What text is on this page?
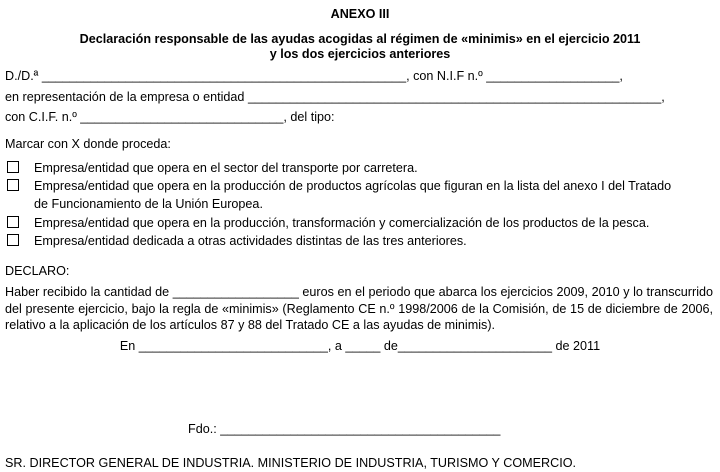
ANEXO III
Declaración responsable de las ayudas acogidas al régimen de «minimis» en el ejercicio 2011
y los dos ejercicios anteriores
D./D.ª ____________________________________________________, con N.I.F n.º ___________________,
en representación de la empresa o entidad ___________________________________________________________,
con C.I.F. n.º _____________________________, del tipo:
Marcar con X donde proceda:
Empresa/entidad que opera en el sector del transporte por carretera.
Empresa/entidad que opera en la producción de productos agrícolas que figuran en la lista del anexo I del Tratado
de Funcionamiento de la Unión Europea.
Empresa/entidad que opera en la producción, transformación y comercialización de los productos de la pesca.
Empresa/entidad dedicada a otras actividades distintas de las tres anteriores.
DECLARO:
Haber recibido la cantidad de __________________ euros en el periodo que abarca los ejercicios 2009, 2010 y lo transcurrido del presente ejercicio, bajo la regla de «minimis» (Reglamento CE n.º 1998/2006 de la Comisión, de 15 de diciembre de 2006, relativo a la aplicación de los artículos 87 y 88 del Tratado CE a las ayudas de minimis).
En ___________________________, a _____ de______________________ de 2011
Fdo.: ________________________________________
SR. DIRECTOR GENERAL DE INDUSTRIA. MINISTERIO DE INDUSTRIA, TURISMO Y COMERCIO.
